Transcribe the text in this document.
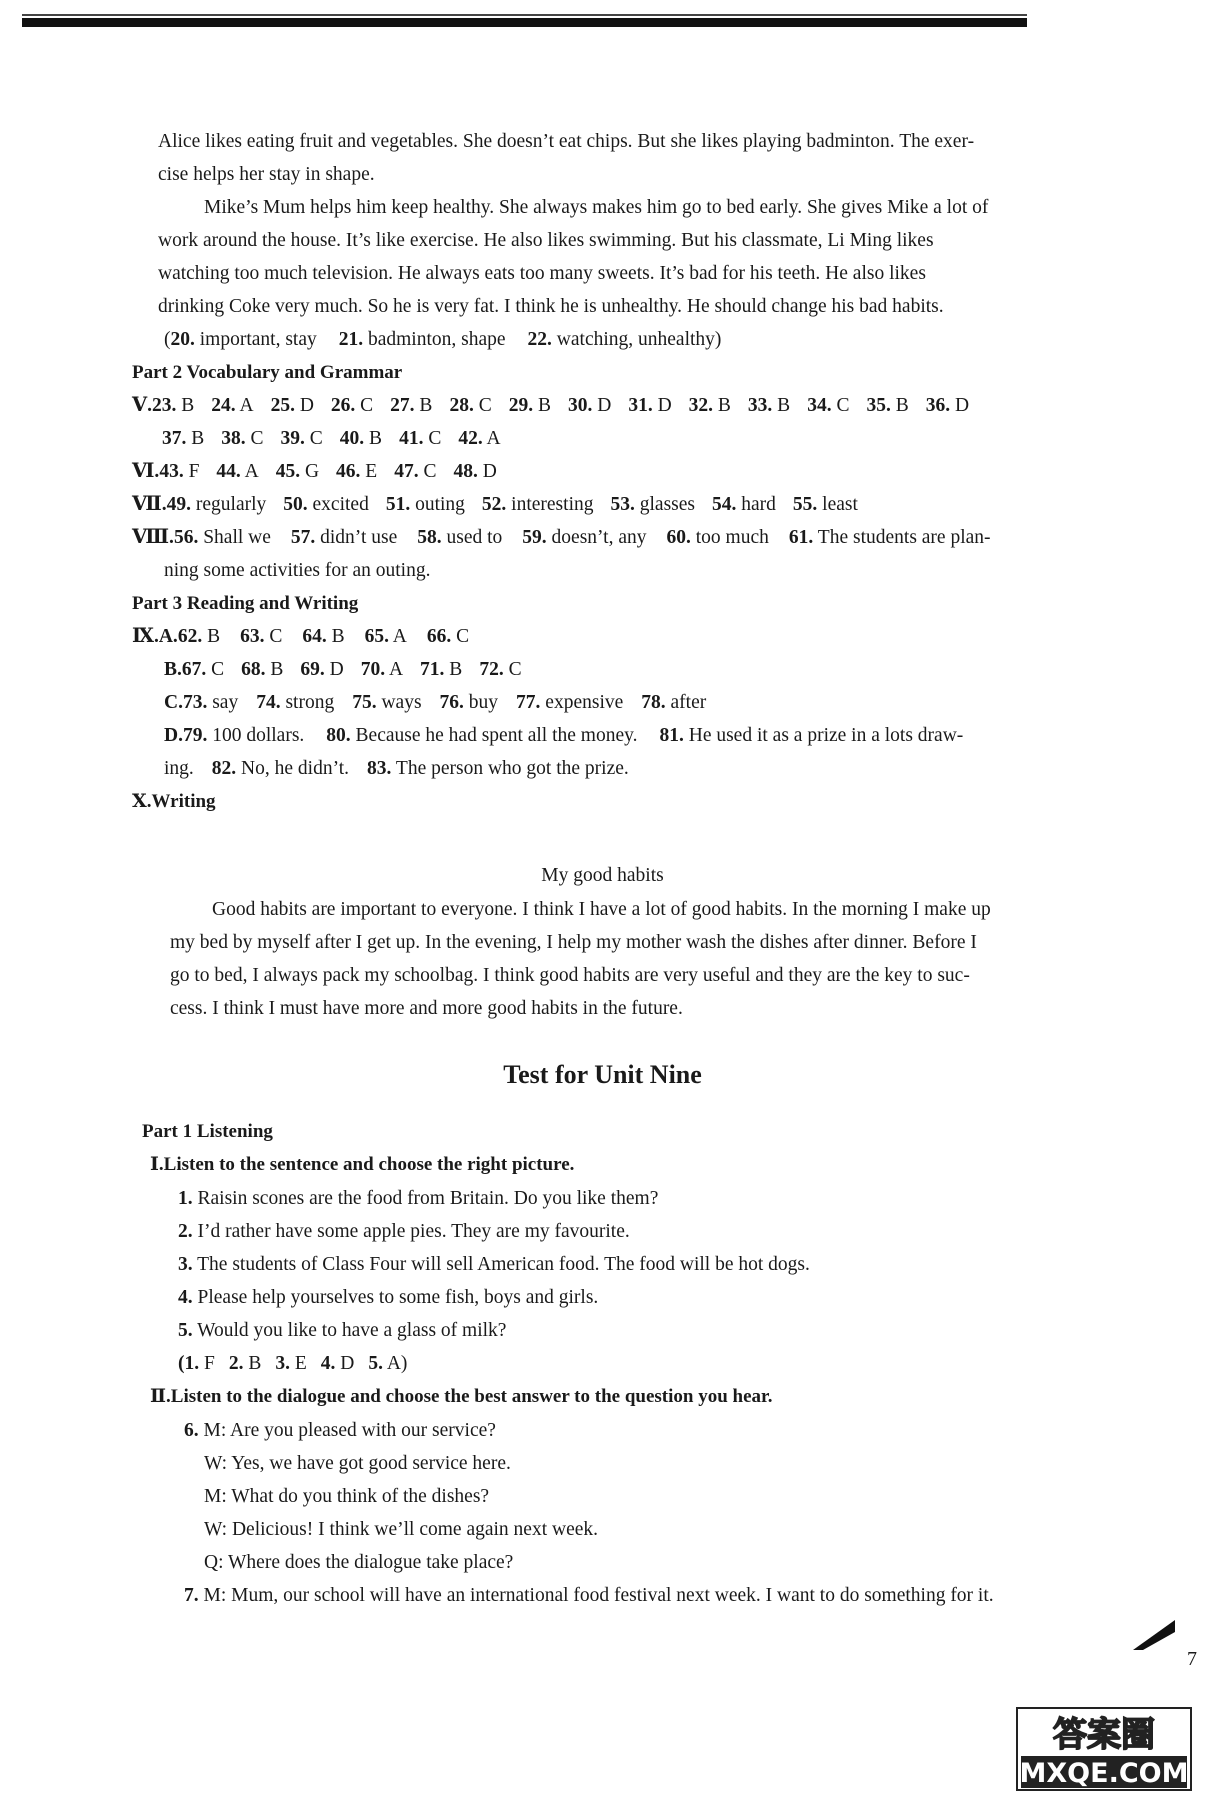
Alice likes eating fruit and vegetables. She doesn’t eat chips. But she likes playing badminton. The exer-
cise helps her stay in shape.
Mike’s Mum helps him keep healthy. She always makes him go to bed early. She gives Mike a lot of
work around the house. It’s like exercise. He also likes swimming. But his classmate, Li Ming likes
watching too much television. He always eats too many sweets. It’s bad for his teeth. He also likes
drinking Coke very much. So he is very fat. I think he is unhealthy. He should change his bad habits.
(20. important, stay 21. badminton, shape 22. watching, unhealthy)
Part 2 Vocabulary and Grammar
Ⅴ.23. B 24. A 25. D 26. C 27. B 28. C 29. B 30. D 31. D 32. B 33. B 34. C 35. B 36. D
37. B 38. C 39. C 40. B 41. C 42. A
Ⅵ.43. F 44. A 45. G 46. E 47. C 48. D
Ⅶ.49. regularly 50. excited 51. outing 52. interesting 53. glasses 54. hard 55. least
Ⅷ.56. Shall we 57. didn’t use 58. used to 59. doesn’t, any 60. too much 61. The students are plan-
ning some activities for an outing.
Part 3 Reading and Writing
Ⅸ.A.62. B 63. C 64. B 65. A 66. C
B.67. C 68. B 69. D 70. A 71. B 72. C
C.73. say 74. strong 75. ways 76. buy 77. expensive 78. after
D.79. 100 dollars. 80. Because he had spent all the money. 81. He used it as a prize in a lots draw-
ing. 82. No, he didn’t. 83. The person who got the prize.
Ⅹ.Writing
My good habits
Good habits are important to everyone. I think I have a lot of good habits. In the morning I make up
my bed by myself after I get up. In the evening, I help my mother wash the dishes after dinner. Before I
go to bed, I always pack my schoolbag. I think good habits are very useful and they are the key to suc-
cess. I think I must have more and more good habits in the future.
Test for Unit Nine
Part 1 Listening
Ⅰ.Listen to the sentence and choose the right picture.
1. Raisin scones are the food from Britain. Do you like them?
2. I’d rather have some apple pies. They are my favourite.
3. The students of Class Four will sell American food. The food will be hot dogs.
4. Please help yourselves to some fish, boys and girls.
5. Would you like to have a glass of milk?
(1. F 2. B 3. E 4. D 5. A)
Ⅱ.Listen to the dialogue and choose the best answer to the question you hear.
6. M: Are you pleased with our service?
W: Yes, we have got good service here.
M: What do you think of the dishes?
W: Delicious! I think we’ll come again next week.
Q: Where does the dialogue take place?
7. M: Mum, our school will have an international food festival next week. I want to do something for it.
7
答案圈
MXQE.COM
